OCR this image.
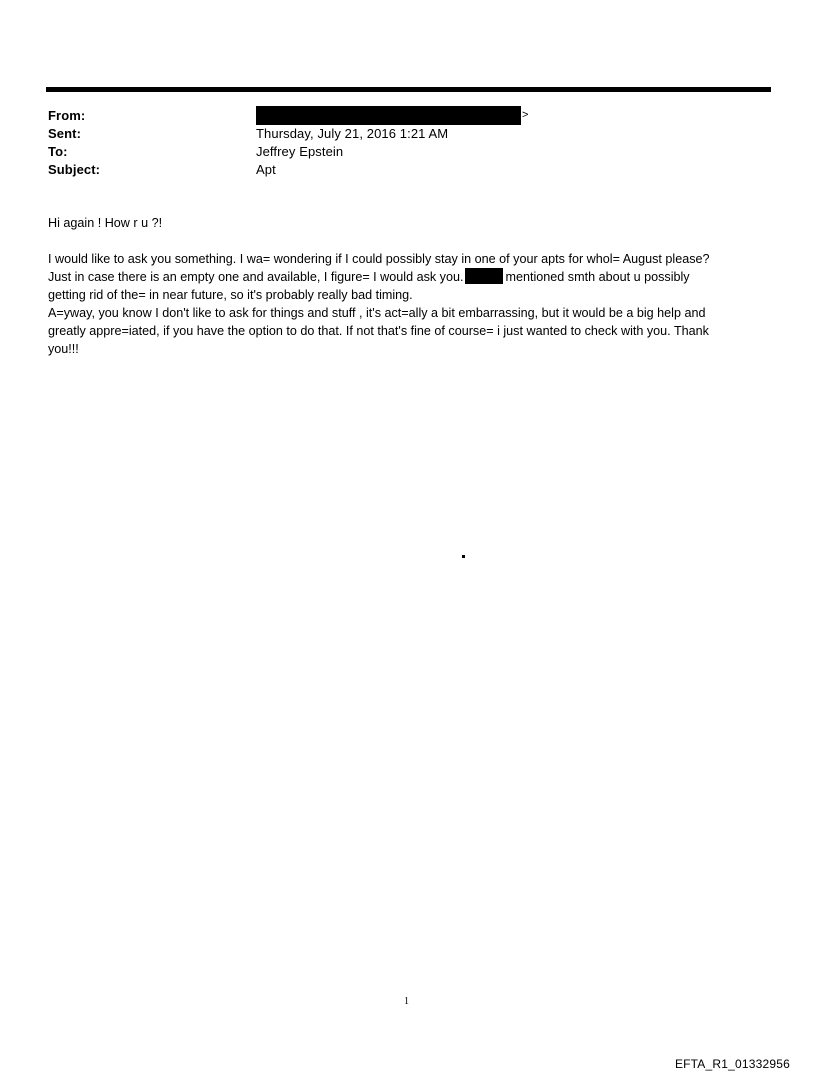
From:	>
Sent:	Thursday, July 21, 2016 1:21 AM
To:	Jeffrey Epstein
Subject:	Apt

Hi again ! How r u ?!

I would like to ask you something. I wa= wondering if I could possibly stay in one of your apts for whol= August please?
Just in case there is an empty one and available, I figure= I would ask you.	mentioned smth about u possibly
getting rid of the= in near future, so it's probably really bad timing.
A=yway, you know I don't like to ask for things and stuff , it's act=ally a bit embarrassing, but it would be a big help and
greatly appre=iated, if you have the option to do that. If not that's fine of course= i just wanted to check with you. Thank
you!!!

1
EFTA_R1_01332956
